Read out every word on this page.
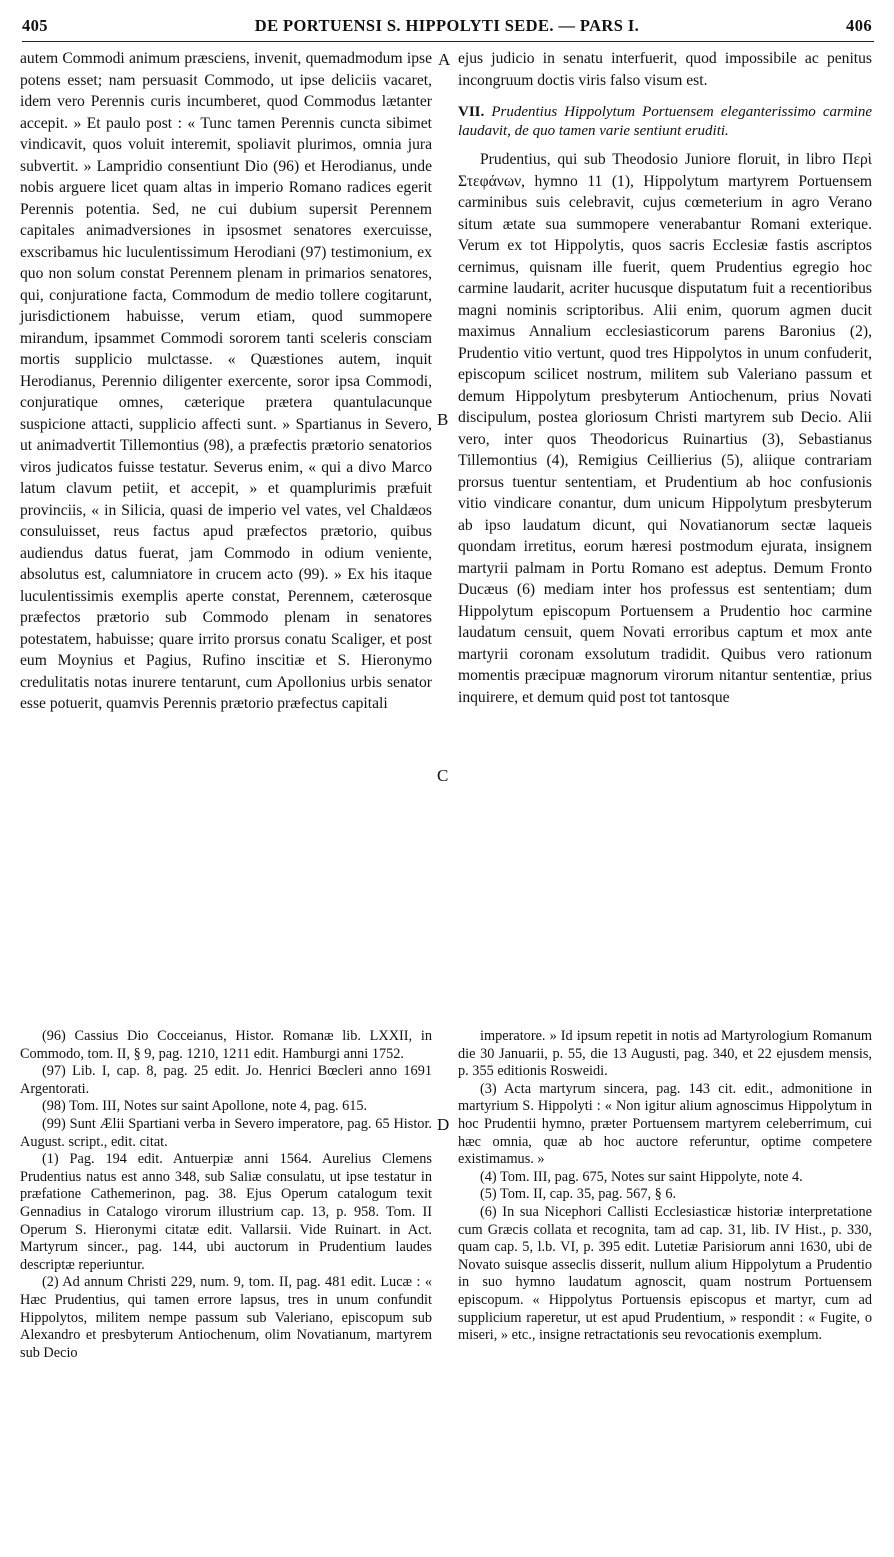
405	DE PORTUENSI S. HIPPOLYTI SEDE. — PARS I.	406

autem Commodi animum præsciens, invenit, quemadmodum ipse potens esset; nam persuasit Commodo, ut ipse deliciis vacaret, idem vero Perennis curis incumberet, quod Commodus lætanter accepit. » Et paulo post : « Tunc tamen Perennis cuncta sibimet vindicavit, quos voluit interemit, spoliavit plurimos, omnia jura subvertit. » Lampridio consentiunt Dio (96) et Herodianus, unde nobis arguere licet quam altas in imperio Romano radices egerit Perennis potentia. Sed, ne cui dubium supersit Perennem capitales animadversiones in ipsosmet senatores exercuisse, exscribamus hic luculentissimum Herodiani (97) testimonium, ex quo non solum constat Perennem plenam in primarios senatores, qui, conjuratione facta, Commodum de medio tollere cogitarunt, jurisdictionem habuisse, verum etiam, quod summopere mirandum, ipsammet Commodi sororem tanti sceleris consciam mortis supplicio mulctasse. « Quæstiones autem, inquit Herodianus, Perennio diligenter exercente, soror ipsa Commodi, conjuratique omnes, cæterique prætera quantulacunque suspicione attacti, supplicio affecti sunt. » Spartianus in Severo, ut animadvertit Tillemontius (98), a præfectis prætorio senatorios viros judicatos fuisse testatur. Severus enim, « qui a divo Marco latum clavum petiit, et accepit, » et quamplurimis præfuit provinciis, « in Silicia, quasi de imperio vel vates, vel Chaldæos consuluisset, reus factus apud præfectos prætorio, quibus audiendus datus fuerat, jam Commodo in odium veniente, absolutus est, calumniatore in crucem acto (99). » Ex his itaque luculentissimis exemplis aperte constat, Perennem, cæterosque præfectos prætorio sub Commodo plenam in senatores potestatem, habuisse; quare irrito prorsus conatu Scaliger, et post eum Moynius et Pagius, Rufino inscitiæ et S. Hieronymo credulitatis notas inurere tentarunt, cum Apollonius urbis senator esse potuerit, quamvis Perennis prætorio præfectus capitali

ejus judicio in senatu interfuerit, quod impossibile ac penitus incongruum doctis viris falso visum est.

VII. Prudentius Hippolytum Portuensem eleganterissimo carmine laudavit, de quo tamen varie sentiunt eruditi.

Prudentius, qui sub Theodosio Juniore floruit, in libro Περὶ Στεφάνων, hymno 11 (1), Hippolytum martyrem Portuensem carminibus suis celebravit, cujus cœmeterium in agro Verano situm ætate sua summopere venerabantur Romani exterique. Verum ex tot Hippolytis, quos sacris Ecclesiæ fastis ascriptos cernimus, quisnam ille fuerit, quem Prudentius egregio hoc carmine laudarit, acriter hucusque disputatum fuit a recentioribus magni nominis scriptoribus. Alii enim, quorum agmen ducit maximus Annalium ecclesiasticorum parens Baronius (2), Prudentio vitio vertunt, quod tres Hippolytos in unum confuderit, episcopum scilicet nostrum, militem sub Valeriano passum et demum Hippolytum presbyterum Antiochenum, prius Novati discipulum, postea gloriosum Christi martyrem sub Decio. Alii vero, inter quos Theodoricus Ruinartius (3), Sebastianus Tillemontius (4), Remigius Ceillierius (5), aliique contrariam prorsus tuentur sententiam, et Prudentium ab hoc confusionis vitio vindicare conantur, dum unicum Hippolytum presbyterum ab ipso laudatum dicunt, qui Novatianorum sectæ laqueis quondam irretitus, eorum hæresi postmodum ejurata, insignem martyrii palmam in Portu Romano est adeptus. Demum Fronto Ducæus (6) mediam inter hos professus est sententiam; dum Hippolytum episcopum Portuensem a Prudentio hoc carmine laudatum censuit, quem Novati erroribus captum et mox ante martyrii coronam exsolutum tradidit. Quibus vero rationum momentis præcipuæ magnorum virorum nitantur sententiæ, prius inquirere, et demum quid post tot tantosque

A
B
C
D

(96) Cassius Dio Cocceianus, Histor. Romanæ lib. LXXII, in Commodo, tom. II, § 9, pag. 1210, 1211 edit. Hamburgi anni 1752.

(97) Lib. I, cap. 8, pag. 25 edit. Jo. Henrici Bœcleri anno 1691 Argentorati.

(98) Tom. III, Notes sur saint Apollone, note 4, pag. 615.

(99) Sunt Ælii Spartiani verba in Severo imperatore, pag. 65 Histor. August. script., edit. citat.

(1) Pag. 194 edit. Antuerpiæ anni 1564. Aurelius Clemens Prudentius natus est anno 348, sub Saliæ consulatu, ut ipse testatur in præfatione Cathemerinon, pag. 38. Ejus Operum catalogum texit Gennadius in Catalogo virorum illustrium cap. 13, p. 958. Tom. II Operum S. Hieronymi citatæ edit. Vallarsii. Vide Ruinart. in Act. Martyrum sincer., pag. 144, ubi auctorum in Prudentium laudes descriptæ reperiuntur.

(2) Ad annum Christi 229, num. 9, tom. II, pag. 481 edit. Lucæ : « Hæc Prudentius, qui tamen errore lapsus, tres in unum confundit Hippolytos, militem nempe passum sub Valeriano, episcopum sub Alexandro et presbyterum Antiochenum, olim Novatianum, martyrem sub Decio

imperatore. » Id ipsum repetit in notis ad Martyrologium Romanum die 30 Januarii, p. 55, die 13 Augusti, pag. 340, et 22 ejusdem mensis, p. 355 editionis Rosweidi.

(3) Acta martyrum sincera, pag. 143 cit. edit., admonitione in martyrium S. Hippolyti : « Non igitur alium agnoscimus Hippolytum in hoc Prudentii hymno, præter Portuensem martyrem celeberrimum, cui hæc omnia, quæ ab hoc auctore referuntur, optime competere existimamus. »

(4) Tom. III, pag. 675, Notes sur saint Hippolyte, note 4.

(5) Tom. II, cap. 35, pag. 567, § 6.

(6) In sua Nicephori Callisti Ecclesiasticæ historiæ interpretatione cum Græcis collata et recognita, tam ad cap. 31, lib. IV Hist., p. 330, quam cap. 5, l.b. VI, p. 395 edit. Lutetiæ Parisiorum anni 1630, ubi de Novato suisque asseclis disserit, nullum alium Hippolytum a Prudentio in suo hymno laudatum agnoscit, quam nostrum Portuensem episcopum. « Hippolytus Portuensis episcopus et martyr, cum ad supplicium raperetur, ut est apud Prudentium, » respondit : « Fugite, o miseri, » etc., insigne retractationis seu revocationis exemplum.
